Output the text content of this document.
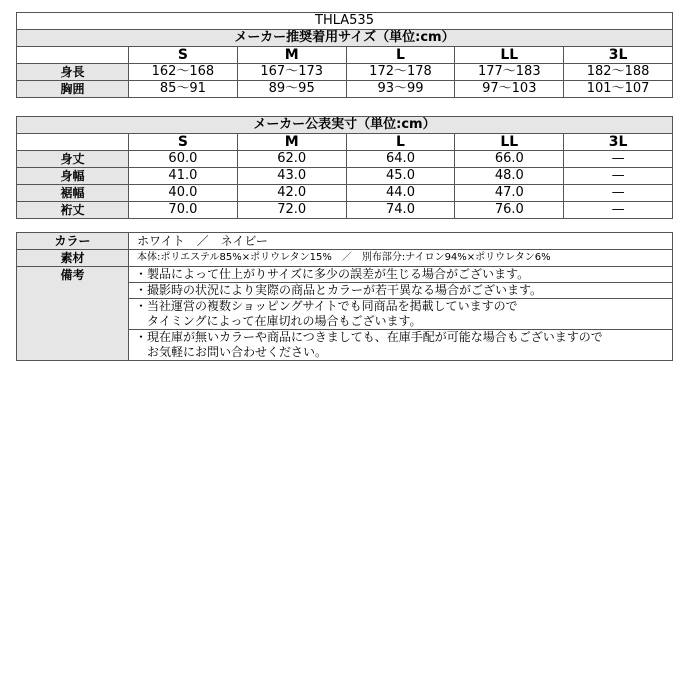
THLA535					
メーカー推奨着用サイズ（単位:cm）					
	S	M	L	LL	3L
身長	162〜168	167〜173	172〜178	177〜183	182〜188
胸囲	85〜91	89〜95	93〜99	97〜103	101〜107
メーカー公表実寸（単位:cm）					
	S	M	L	LL	3L
身丈	60.0	62.0	64.0	66.0	—
身幅	41.0	43.0	45.0	48.0	—
裾幅	40.0	42.0	44.0	47.0	—
裄丈	70.0	72.0	74.0	76.0	—
カラー	ホワイト　／　ネイビー
素材	本体:ポリエステル85%×ポリウレタン15%　／　別布部分:ナイロン94%×ポリウレタン6%
備考	・製品によって仕上がりサイズに多少の誤差が生じる場合がございます。

	・撮影時の状況により実際の商品とカラーが若干異なる場合がございます。

	・当社運営の複数ショッピングサイトでも同商品を掲載していますので
　タイミングによって在庫切れの場合もございます。

	・現在庫が無いカラーや商品につきましても、在庫手配が可能な場合もございますので
　お気軽にお問い合わせください。
